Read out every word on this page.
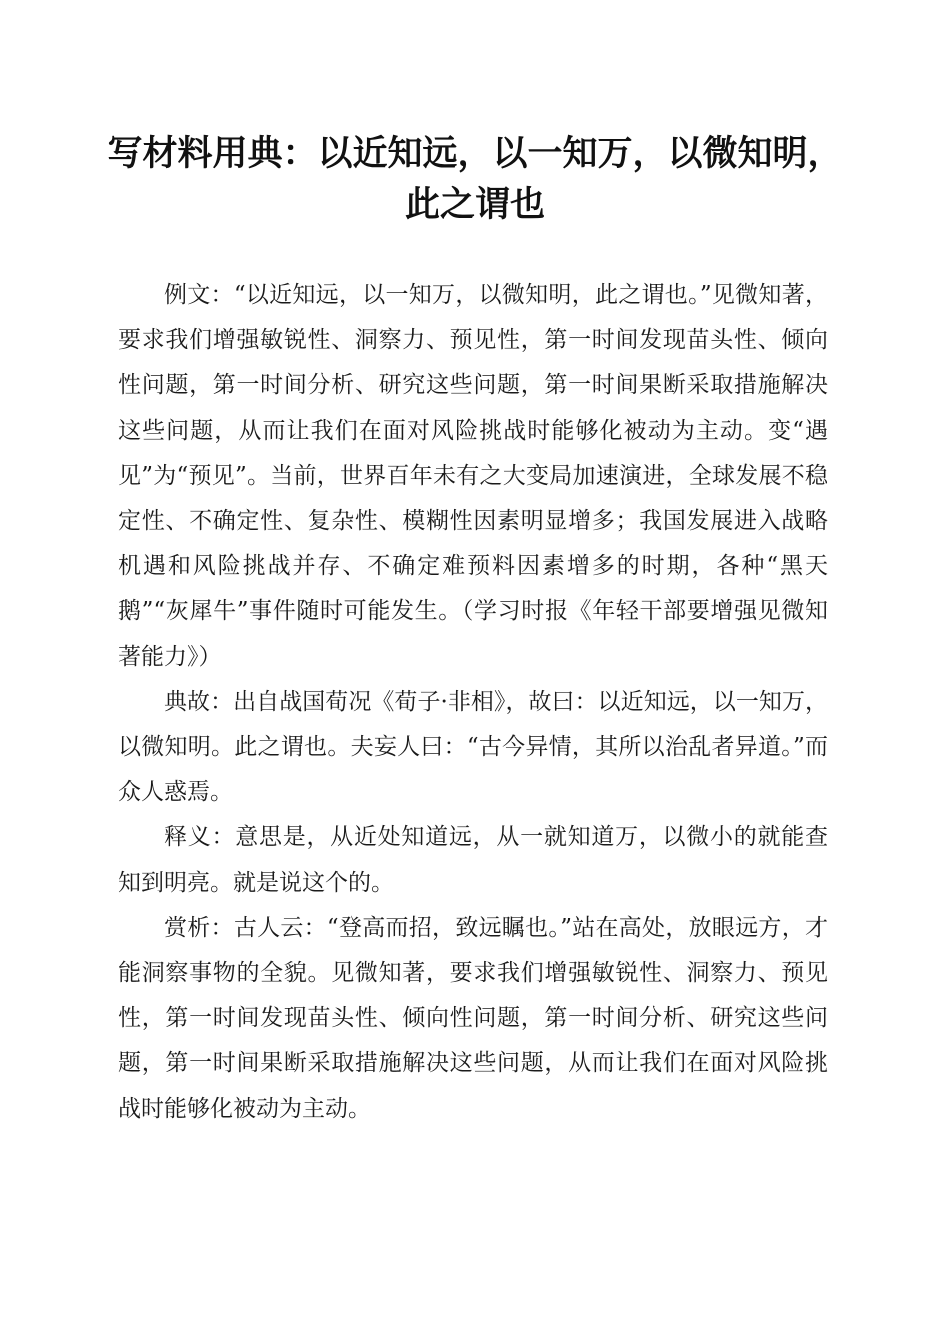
写材料用典：以近知远，以一知万，以微知明，此之谓也

例文：“以近知远，以一知万，以微知明，此之谓也。”见微知著，要求我们增强敏锐性、洞察力、预见性，第一时间发现苗头性、倾向性问题，第一时间分析、研究这些问题，第一时间果断采取措施解决这些问题，从而让我们在面对风险挑战时能够化被动为主动。变“遇见”为“预见”。当前，世界百年未有之大变局加速演进，全球发展不稳定性、不确定性、复杂性、模糊性因素明显增多；我国发展进入战略机遇和风险挑战并存、不确定难预料因素增多的时期，各种“黑天鹅”“灰犀牛”事件随时可能发生。（学习时报《年轻干部要增强见微知著能力》）

典故：出自战国荀况《荀子·非相》，故曰：以近知远，以一知万，以微知明。此之谓也。夫妄人曰：“古今异情，其所以治乱者异道。”而众人惑焉。

释义：意思是，从近处知道远，从一就知道万，以微小的就能查知到明亮。就是说这个的。

赏析：古人云：“登高而招，致远瞩也。”站在高处，放眼远方，才能洞察事物的全貌。见微知著，要求我们增强敏锐性、洞察力、预见性，第一时间发现苗头性、倾向性问题，第一时间分析、研究这些问题，第一时间果断采取措施解决这些问题，从而让我们在面对风险挑战时能够化被动为主动。
